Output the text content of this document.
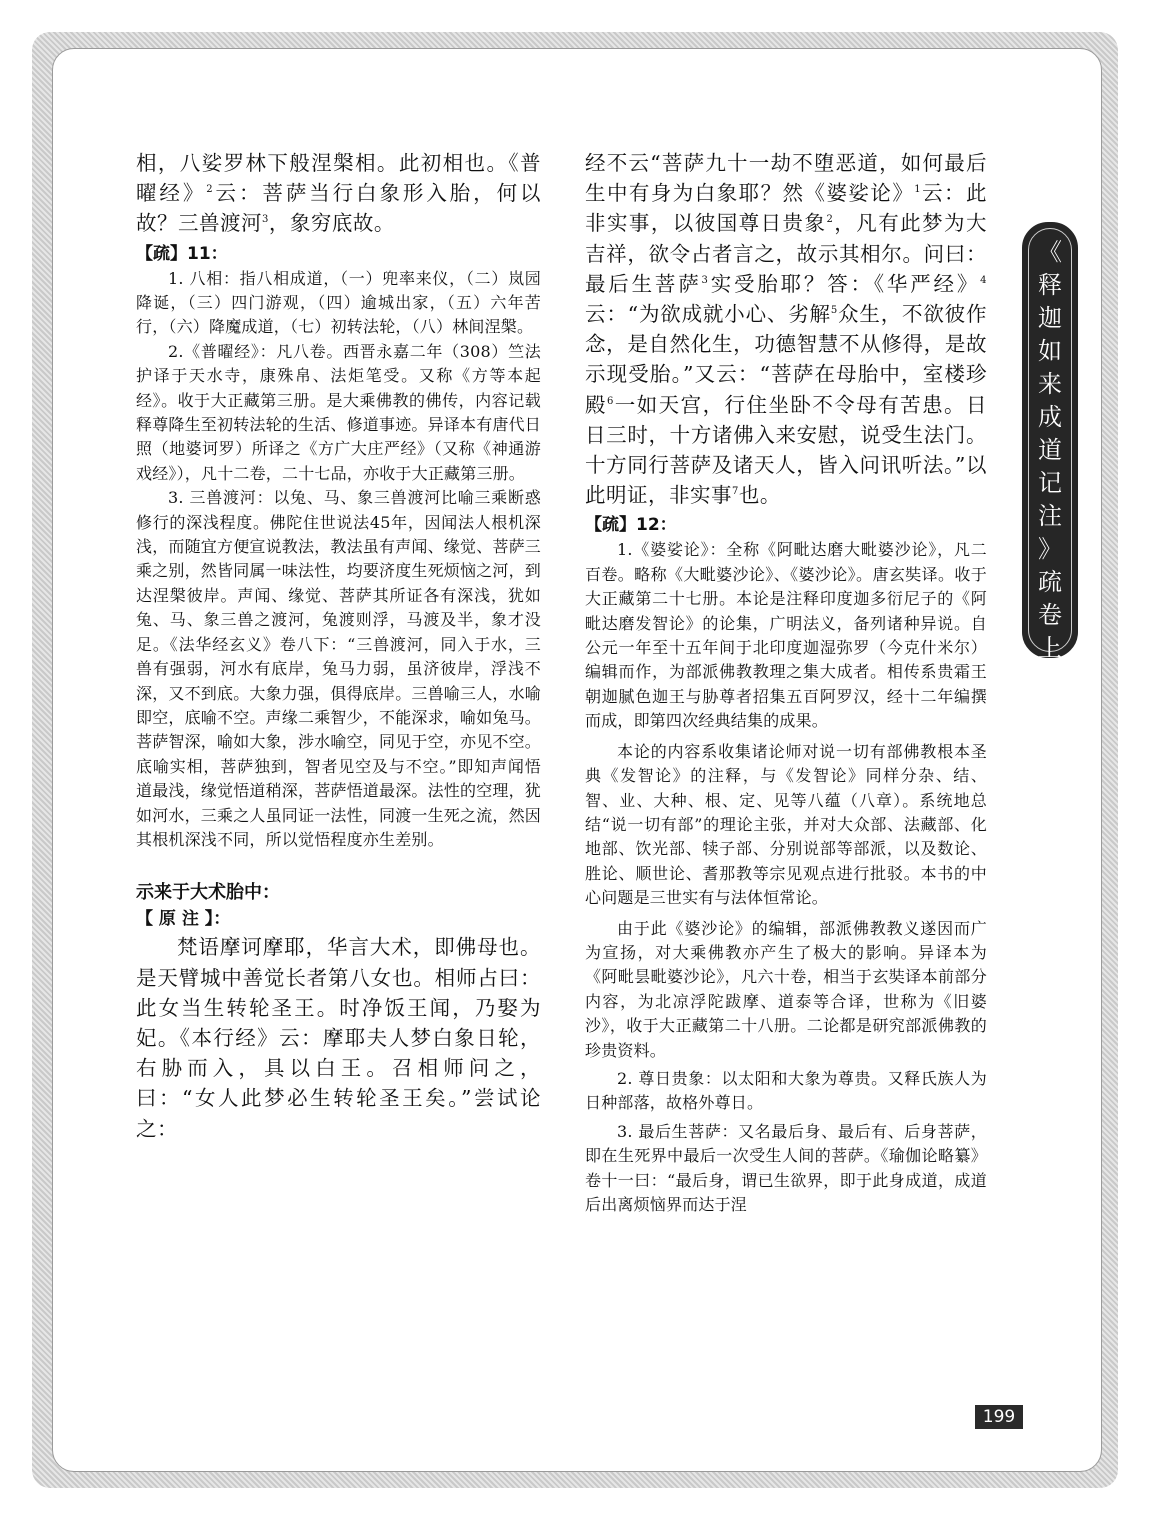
相，八娑罗林下般涅槃相。此初相也。《普曜经》$^2$云：菩萨当行白象形入胎，何以故？三兽渡河$^3$，象穷底故。

【疏】11：

1. 八相：指八相成道，（一）兜率来仪，（二）岚园降诞，（三）四门游观，（四）逾城出家，（五）六年苦行，（六）降魔成道，（七）初转法轮，（八）林间涅槃。

2.《普曜经》：凡八卷。西晋永嘉二年（308）竺法护译于天水寺，康殊帛、法炬笔受。又称《方等本起经》。收于大正藏第三册。是大乘佛教的佛传，内容记载释尊降生至初转法轮的生活、修道事迹。异译本有唐代日照（地婆诃罗）所译之《方广大庄严经》（又称《神通游戏经》），凡十二卷，二十七品，亦收于大正藏第三册。

3. 三兽渡河：以兔、马、象三兽渡河比喻三乘断惑修行的深浅程度。佛陀住世说法45年，因闻法人根机深浅，而随宜方便宣说教法，教法虽有声闻、缘觉、菩萨三乘之别，然皆同属一味法性，均要济度生死烦恼之河，到达涅槃彼岸。声闻、缘觉、菩萨其所证各有深浅，犹如兔、马、象三兽之渡河，兔渡则浮，马渡及半，象才没足。《法华经玄义》卷八下：“三兽渡河，同入于水，三兽有强弱，河水有底岸，兔马力弱，虽济彼岸，浮浅不深，又不到底。大象力强，俱得底岸。三兽喻三人，水喻即空，底喻不空。声缘二乘智少，不能深求，喻如兔马。菩萨智深，喻如大象，涉水喻空，同见于空，亦见不空。底喻实相，菩萨独到，智者见空及与不空。”即知声闻悟道最浅，缘觉悟道稍深，菩萨悟道最深。法性的空理，犹如河水，三乘之人虽同证一法性，同渡一生死之流，然因其根机深浅不同，所以觉悟程度亦生差别。

示来于大术胎中：

【 原 注 】：

梵语摩诃摩耶，华言大术，即佛母也。是天臂城中善觉长者第八女也。相师占曰：此女当生转轮圣王。时净饭王闻，乃娶为妃。《本行经》云：摩耶夫人梦白象日轮，右胁而入，具以白王。召相师问之，曰：“女人此梦必生转轮圣王矣。”尝试论之：

经不云“菩萨九十一劫不堕恶道，如何最后生中有身为白象耶？然《婆娑论》$^1$云：此非实事，以彼国尊日贵象$^2$，凡有此梦为大吉祥，欲令占者言之，故示其相尔。问曰：最后生菩萨$^3$实受胎耶？答：《华严经》$^4$云：“为欲成就小心、劣解$^5$众生，不欲彼作念，是自然化生，功德智慧不从修得，是故示现受胎。”又云：“菩萨在母胎中，室楼珍殿$^6$一如天宫，行住坐卧不令母有苦患。日日三时，十方诸佛入来安慰，说受生法门。十方同行菩萨及诸天人，皆入问讯听法。”以此明证，非实事$^7$也。

【疏】12：

1.《婆娑论》：全称《阿毗达磨大毗婆沙论》，凡二百卷。略称《大毗婆沙论》、《婆沙论》。唐玄奘译。收于大正藏第二十七册。本论是注释印度迦多衍尼子的《阿毗达磨发智论》的论集，广明法义，备列诸种异说。自公元一年至十五年间于北印度迦湿弥罗（今克什米尔）编辑而作，为部派佛教教理之集大成者。相传系贵霜王朝迦腻色迦王与胁尊者招集五百阿罗汉，经十二年编撰而成，即第四次经典结集的成果。

本论的内容系收集诸论师对说一切有部佛教根本圣典《发智论》的注释，与《发智论》同样分杂、结、智、业、大种、根、定、见等八蕴（八章）。系统地总结“说一切有部”的理论主张，并对大众部、法藏部、化地部、饮光部、犊子部、分别说部等部派，以及数论、胜论、顺世论、耆那教等宗见观点进行批驳。本书的中心问题是三世实有与法体恒常论。

由于此《婆沙论》的编辑，部派佛教教义遂因而广为宣扬，对大乘佛教亦产生了极大的影响。异译本为《阿毗昙毗婆沙论》，凡六十卷，相当于玄奘译本前部分内容，为北凉浮陀跋摩、道泰等合译，世称为《旧婆沙》，收于大正藏第二十八册。二论都是研究部派佛教的珍贵资料。

2. 尊日贵象：以太阳和大象为尊贵。又释氏族人为日种部落，故格外尊日。

3. 最后生菩萨：又名最后身、最后有、后身菩萨，即在生死界中最后一次受生人间的菩萨。《瑜伽论略纂》卷十一曰：“最后身，谓已生欲界，即于此身成道，成道后出离烦恼界而达于涅

《
释
迦
如
来
成
道
记
注
》
疏
卷
上
199
